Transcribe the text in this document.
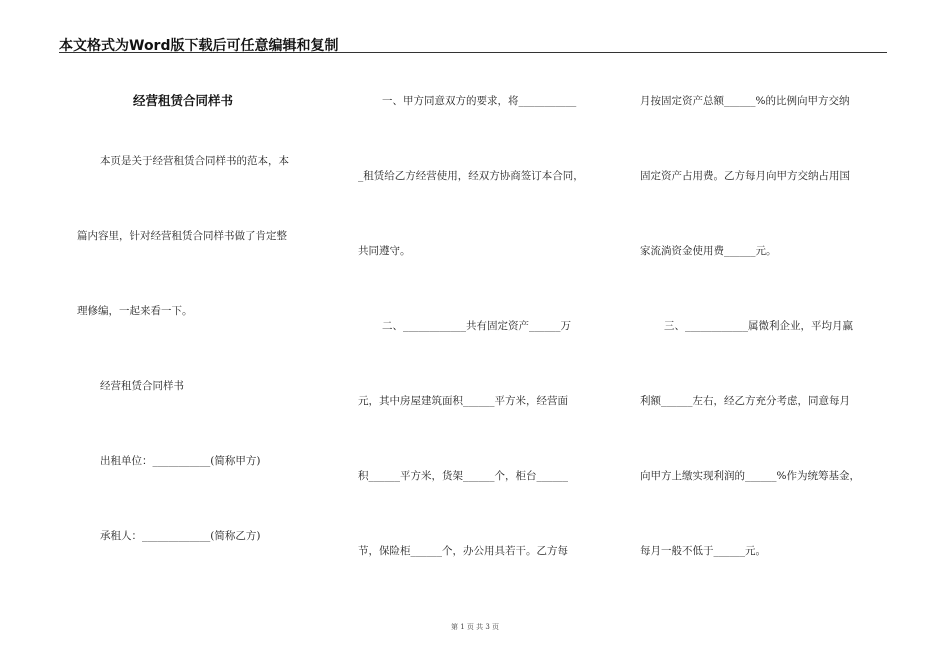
本文格式为Word版下载后可任意编辑和复制
经营租赁合同样书
本页是关于经营租赁合同样书的范本，本
篇内容里，针对经营租赁合同样书做了肯定整
理修编，一起来看一下。
经营租赁合同样书
出租单位：___________(简称甲方)
承租人：_____________(简称乙方)
一、甲方同意双方的要求，将___________
_租赁给乙方经营使用，经双方协商签订本合同，
共同遵守。
二、____________共有固定资产______万
元，其中房屋建筑面积______平方米，经营面
积______平方米，货架______个，柜台______
节，保险柜______个，办公用具若干。乙方每
月按固定资产总额______%的比例向甲方交纳
固定资产占用费。乙方每月向甲方交纳占用国
家流淌资金使用费______元。
三、____________属微利企业，平均月赢
利额______左右，经乙方充分考虑，同意每月
向甲方上缴实现利润的______%作为统筹基金，
每月一般不低于______元。
第 1 页 共 3 页
